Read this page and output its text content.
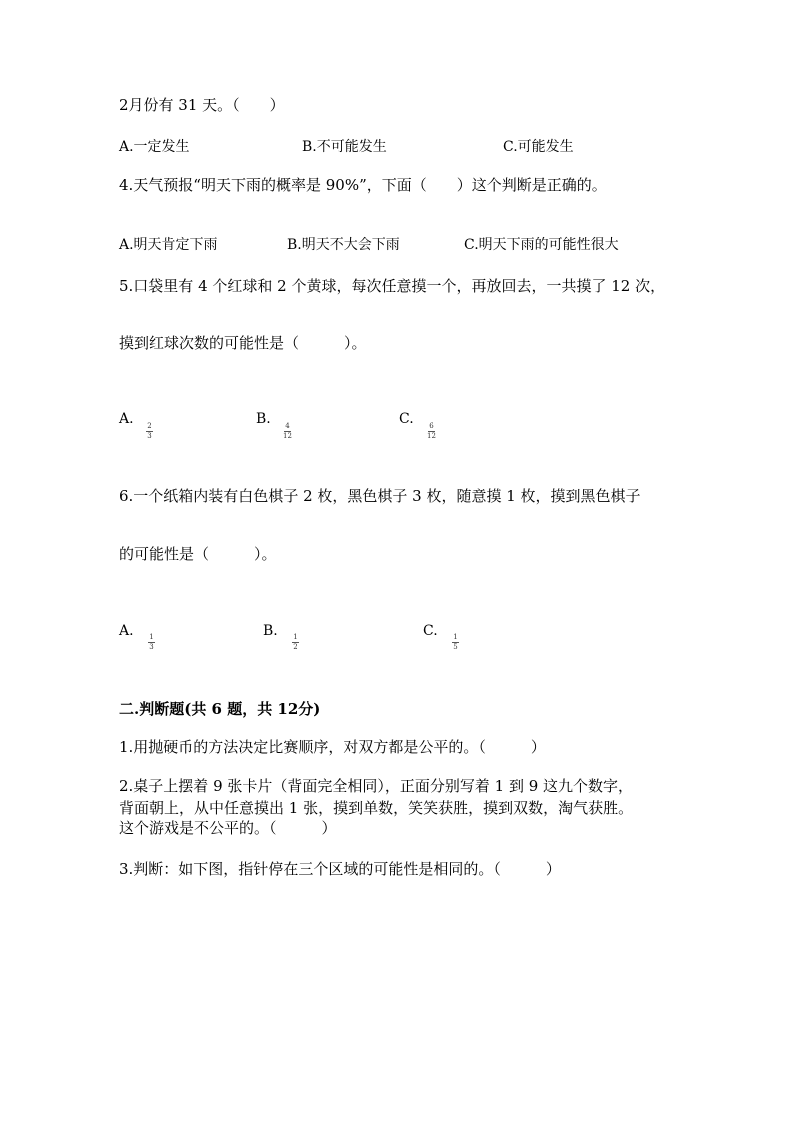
2月份有 31 天。（　　）
A.一定发生	B.不可能发生	C.可能发生
4.天气预报“明天下雨的概率是 90%”，下面（　　）这个判断是正确的。
A.明天肯定下雨	B.明天不大会下雨	C.明天下雨的可能性很大
5.口袋里有 4 个红球和 2 个黄球，每次任意摸一个，再放回去，一共摸了 12 次，
摸到红球次数的可能性是（　　　）。
A. 2
3
B. 4
12
C. 6
12
6.一个纸箱内装有白色棋子 2 枚，黑色棋子 3 枚，随意摸 1 枚，摸到黑色棋子
的可能性是（　　　）。
A. 1
3
B. 1
2
C. 1
5
二.判断题(共 6 题，共 12分)
1.用抛硬币的方法决定比赛顺序，对双方都是公平的。（　　　）
2.桌子上摆着 9 张卡片（背面完全相同），正面分别写着 1 到 9 这九个数字，
背面朝上，从中任意摸出 1 张，摸到单数，笑笑获胜，摸到双数，淘气获胜。
这个游戏是不公平的。（　　　）
3.判断：如下图，指针停在三个区域的可能性是相同的。（　　　）
